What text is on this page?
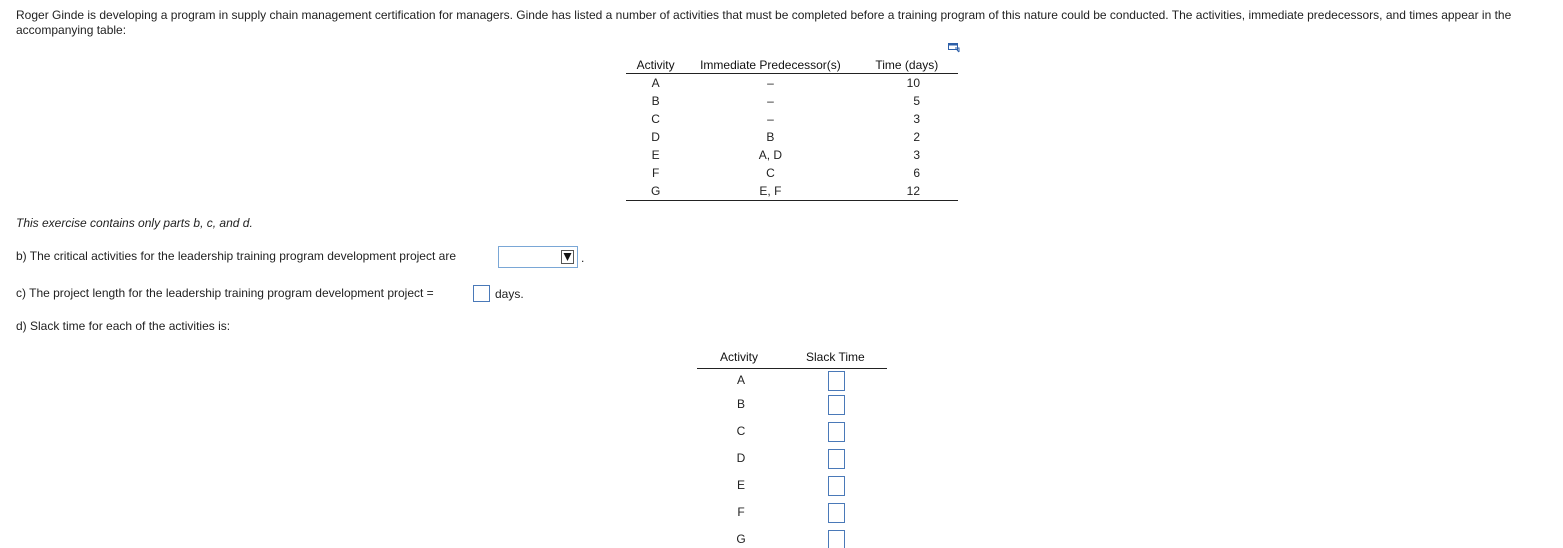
Roger Ginde is developing a program in supply chain management certification for managers. Ginde has listed a number of activities that must be completed before a training program of this nature could be conducted. The activities, immediate predecessors, and times appear in the accompanying table:
Activity	Immediate Predecessor(s)	Time (days)
A	–	10
B	–	5
C	–	3
D	B	2
E	A, D	3
F	C	6
G	E, F	12
This exercise contains only parts b, c, and d.
b) The critical activities for the leadership training program development project are	.
c) The project length for the leadership training program development project =	days.
d) Slack time for each of the activities is:
Activity	Slack Time
A
B
C
D
E
F
G
